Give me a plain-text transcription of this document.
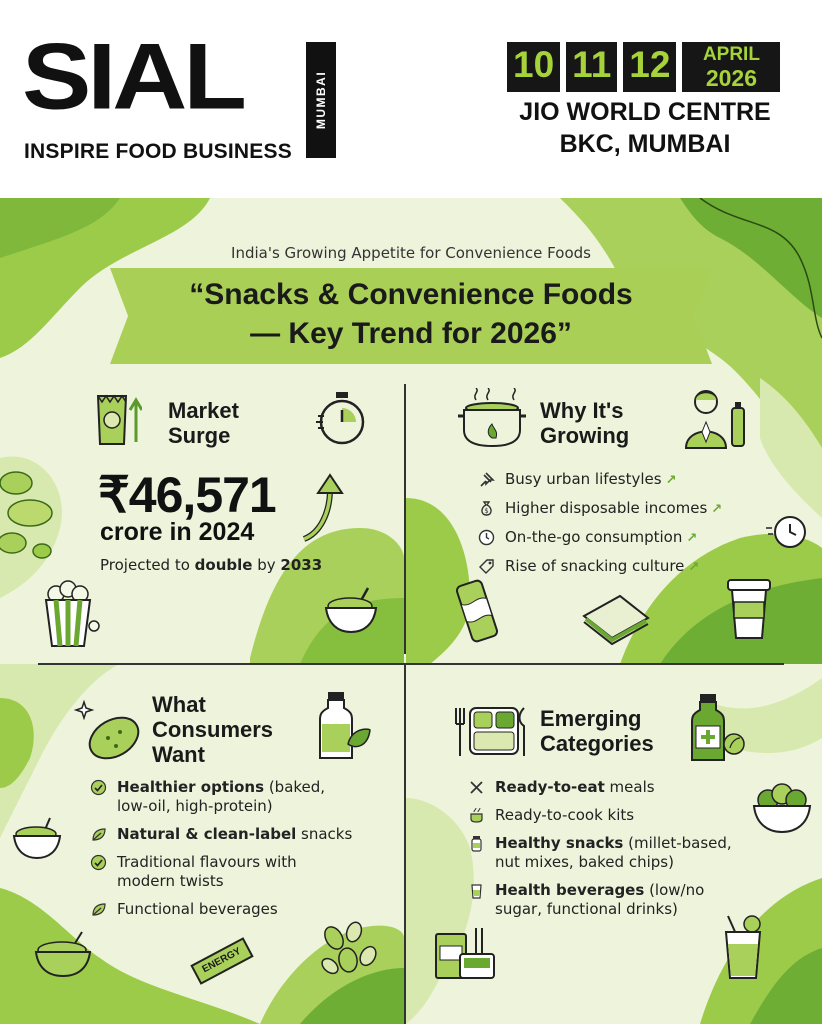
SIAL
INSPIRE FOOD BUSINESS
MUMBAI
10 11 12	APRIL
2026
JIO WORLD CENTRE
BKC, MUMBAI
India's Growing Appetite for Convenience Foods
“Snacks & Convenience Foods
— Key Trend for 2026”
Market
Surge
₹46,571
crore in 2024
Projected to double by 2033
Why It's
Growing
Busy urban lifestyles ↗
$ Higher disposable incomes ↗
On-the-go consumption ↗
Rise of snacking culture ↗
What
Consumers
Want
Healthier options (baked,
low-oil, high-protein)
Natural & clean-label snacks
Traditional flavours with
modern twists
Functional beverages
ENERGY
Emerging
Categories
Ready-to-eat meals
Ready-to-cook kits
Healthy snacks (millet-based,
nut mixes, baked chips)
Health beverages (low/no
sugar, functional drinks)
